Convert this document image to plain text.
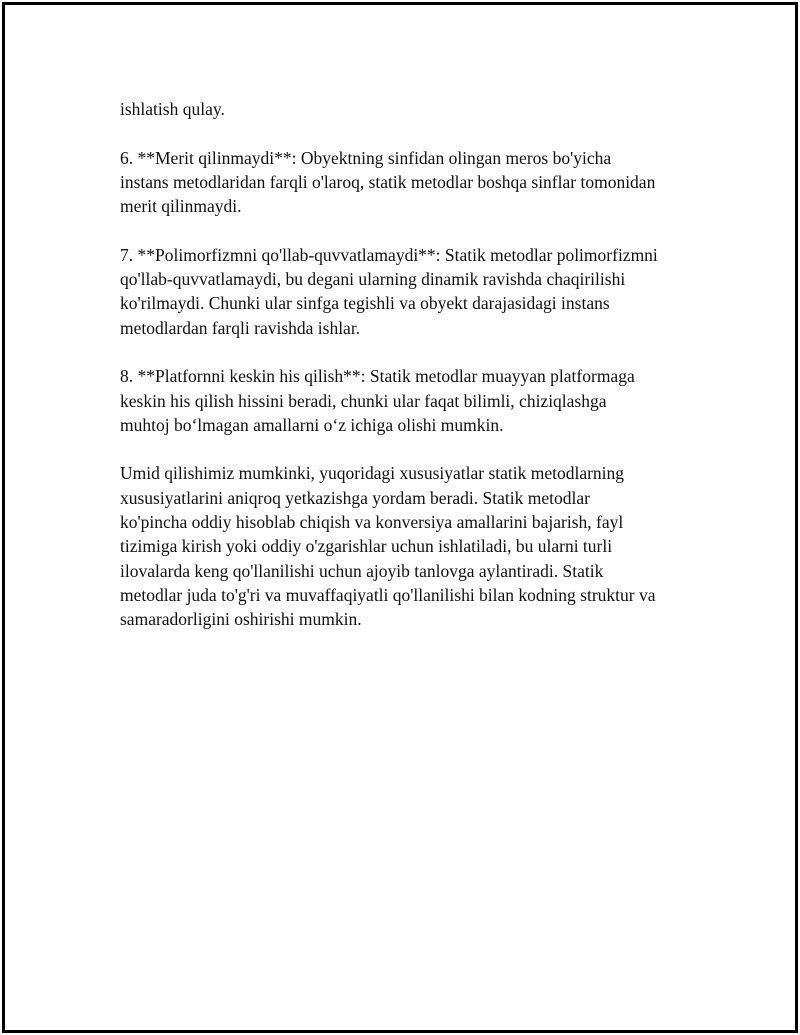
ishlatish qulay.

6. **Merit qilinmaydi**: Obyektning sinfidan olingan meros bo'yicha
instans metodlaridan farqli o'laroq, statik metodlar boshqa sinflar tomonidan
merit qilinmaydi.

7. **Polimorfizmni qo'llab-quvvatlamaydi**: Statik metodlar polimorfizmni
qo'llab-quvvatlamaydi, bu degani ularning dinamik ravishda chaqirilishi
ko'rilmaydi. Chunki ular sinfga tegishli va obyekt darajasidagi instans
metodlardan farqli ravishda ishlar.

8. **Platfornni keskin his qilish**: Statik metodlar muayyan platformaga
keskin his qilish hissini beradi, chunki ular faqat bilimli, chiziqlashga
muhtoj bo‘lmagan amallarni o‘z ichiga olishi mumkin.

Umid qilishimiz mumkinki, yuqoridagi xususiyatlar statik metodlarning
xususiyatlarini aniqroq yetkazishga yordam beradi. Statik metodlar
ko'pincha oddiy hisoblab chiqish va konversiya amallarini bajarish, fayl
tizimiga kirish yoki oddiy o'zgarishlar uchun ishlatiladi, bu ularni turli
ilovalarda keng qo'llanilishi uchun ajoyib tanlovga aylantiradi. Statik
metodlar juda to'g'ri va muvaffaqiyatli qo'llanilishi bilan kodning struktur va
samaradorligini oshirishi mumkin.
